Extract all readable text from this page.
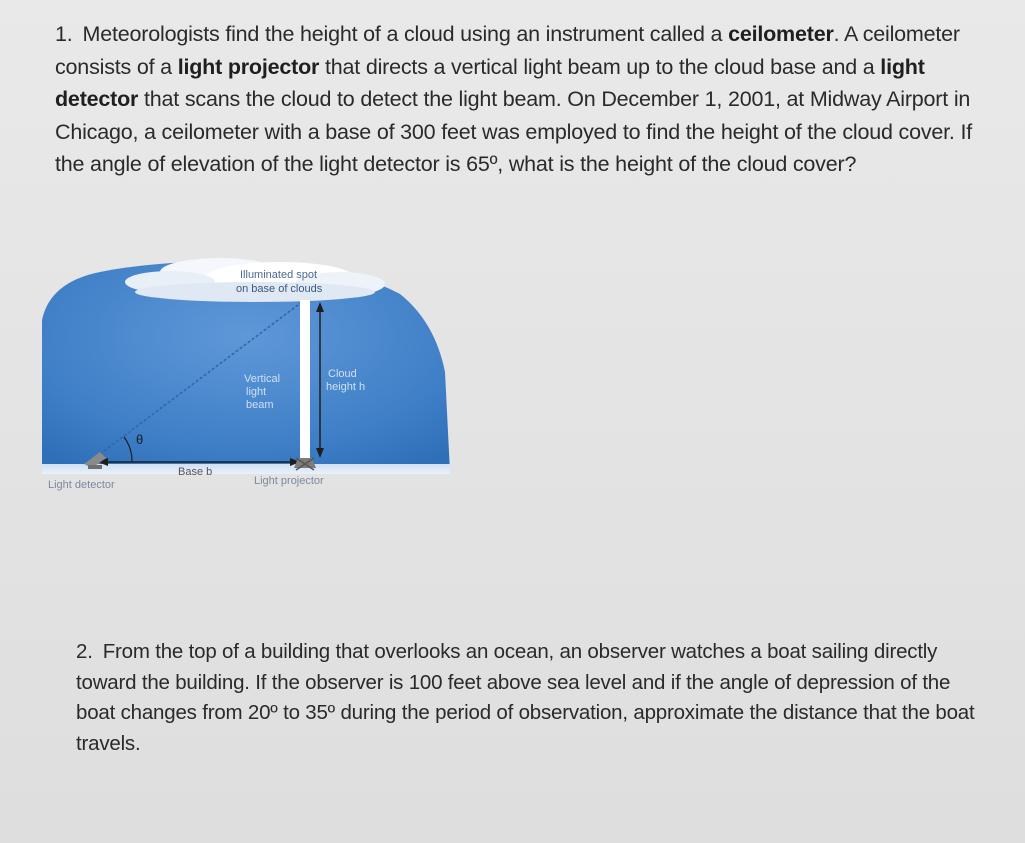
1. Meteorologists find the height of a cloud using an instrument called a ceilometer. A ceilometer consists of a light projector that directs a vertical light beam up to the cloud base and a light detector that scans the cloud to detect the light beam. On December 1, 2001, at Midway Airport in Chicago, a ceilometer with a base of 300 feet was employed to find the height of the cloud cover. If the angle of elevation of the light detector is 65º, what is the height of the cloud cover?
Illuminated spot
on base of clouds
Vertical
light
beam
Cloud
height h
θ
Base b
Light detector	Light projector
2. From the top of a building that overlooks an ocean, an observer watches a boat sailing directly toward the building. If the observer is 100 feet above sea level and if the angle of depression of the boat changes from 20º to 35º during the period of observation, approximate the distance that the boat travels.
